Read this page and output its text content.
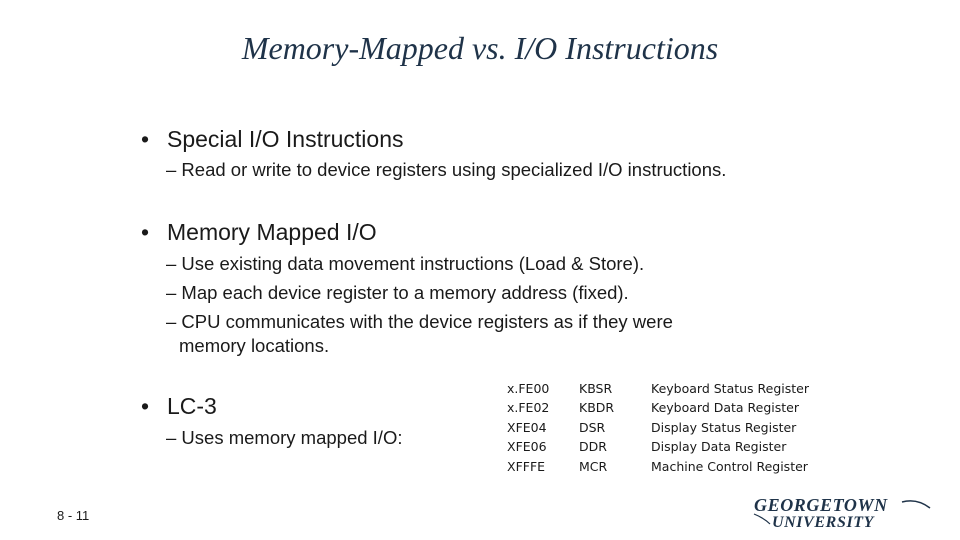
Memory-Mapped vs. I/O Instructions
• Special I/O Instructions
– Read or write to device registers using specialized I/O instructions.
• Memory Mapped I/O
– Use existing data movement instructions (Load & Store).
– Map each device register to a memory address (fixed).
– CPU communicates with the device registers as if they were
memory locations.
• LC-3
– Uses memory mapped I/O:
x.FE00 KBSR	Keyboard Status Register
x.FE02 KBDR	Keyboard Data Register
XFE04	DSR	Display Status Register
XFE06	DDR	Display Data Register
XFFFE	MCR	Machine Control Register
8 - 11
GEORGETOWN
UNIVERSITY
